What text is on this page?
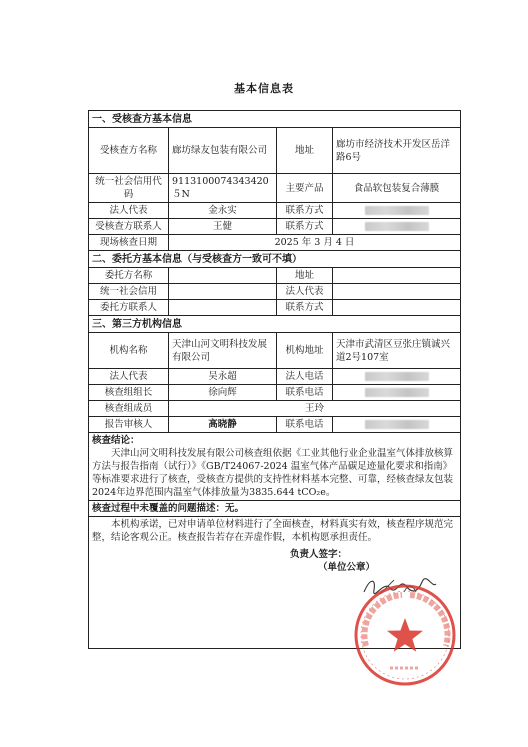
基本信息表
一、受核查方基本信息			
受核查方名称	廊坊绿友包装有限公司	地址	廊坊市经济技术开发区岳洋路6号
统一社会信用代码	9113100074343420５N	主要产品	食品软包装复合薄膜
法人代表	金永实	联系方式	
受核查方联系人	王健	联系方式	
现场核查日期	2025 年 3 月 4 日		
二、委托方基本信息（与受核查方一致可不填）			
委托方名称		地址	
统一社会信用		法人代表	
委托方联系人		联系方式	
三、第三方机构信息			
机构名称	天津山河文明科技发展有限公司	机构地址	天津市武清区豆张庄镇诚兴道2号107室
法人代表	吴永超	法人电话	
核查组组长	徐向辉	联系电话	
核查组成员	王玲		
报告审核人	高晓静	联系电话	

核查结论：
天津山河文明科技发展有限公司核查组依据《工业其他行业企业温室气体排放核算方法与报告指南（试行）》《GB/T24067-2024 温室气体产品碳足迹量化要求和指南》等标准要求进行了核查，受核查方提供的支持性材料基本完整、可靠，经核查绿友包装2024年边界范围内温室气体排放量为3835.644 tCO₂e。			

核查过程中未覆盖的问题描述：无。			

本机构承诺，已对申请单位材料进行了全面核查，材料真实有效，核查程序规范完整，结论客观公正。核查报告若存在弄虚作假，本机构愿承担责任。
负责人签字：
（单位公章）			
